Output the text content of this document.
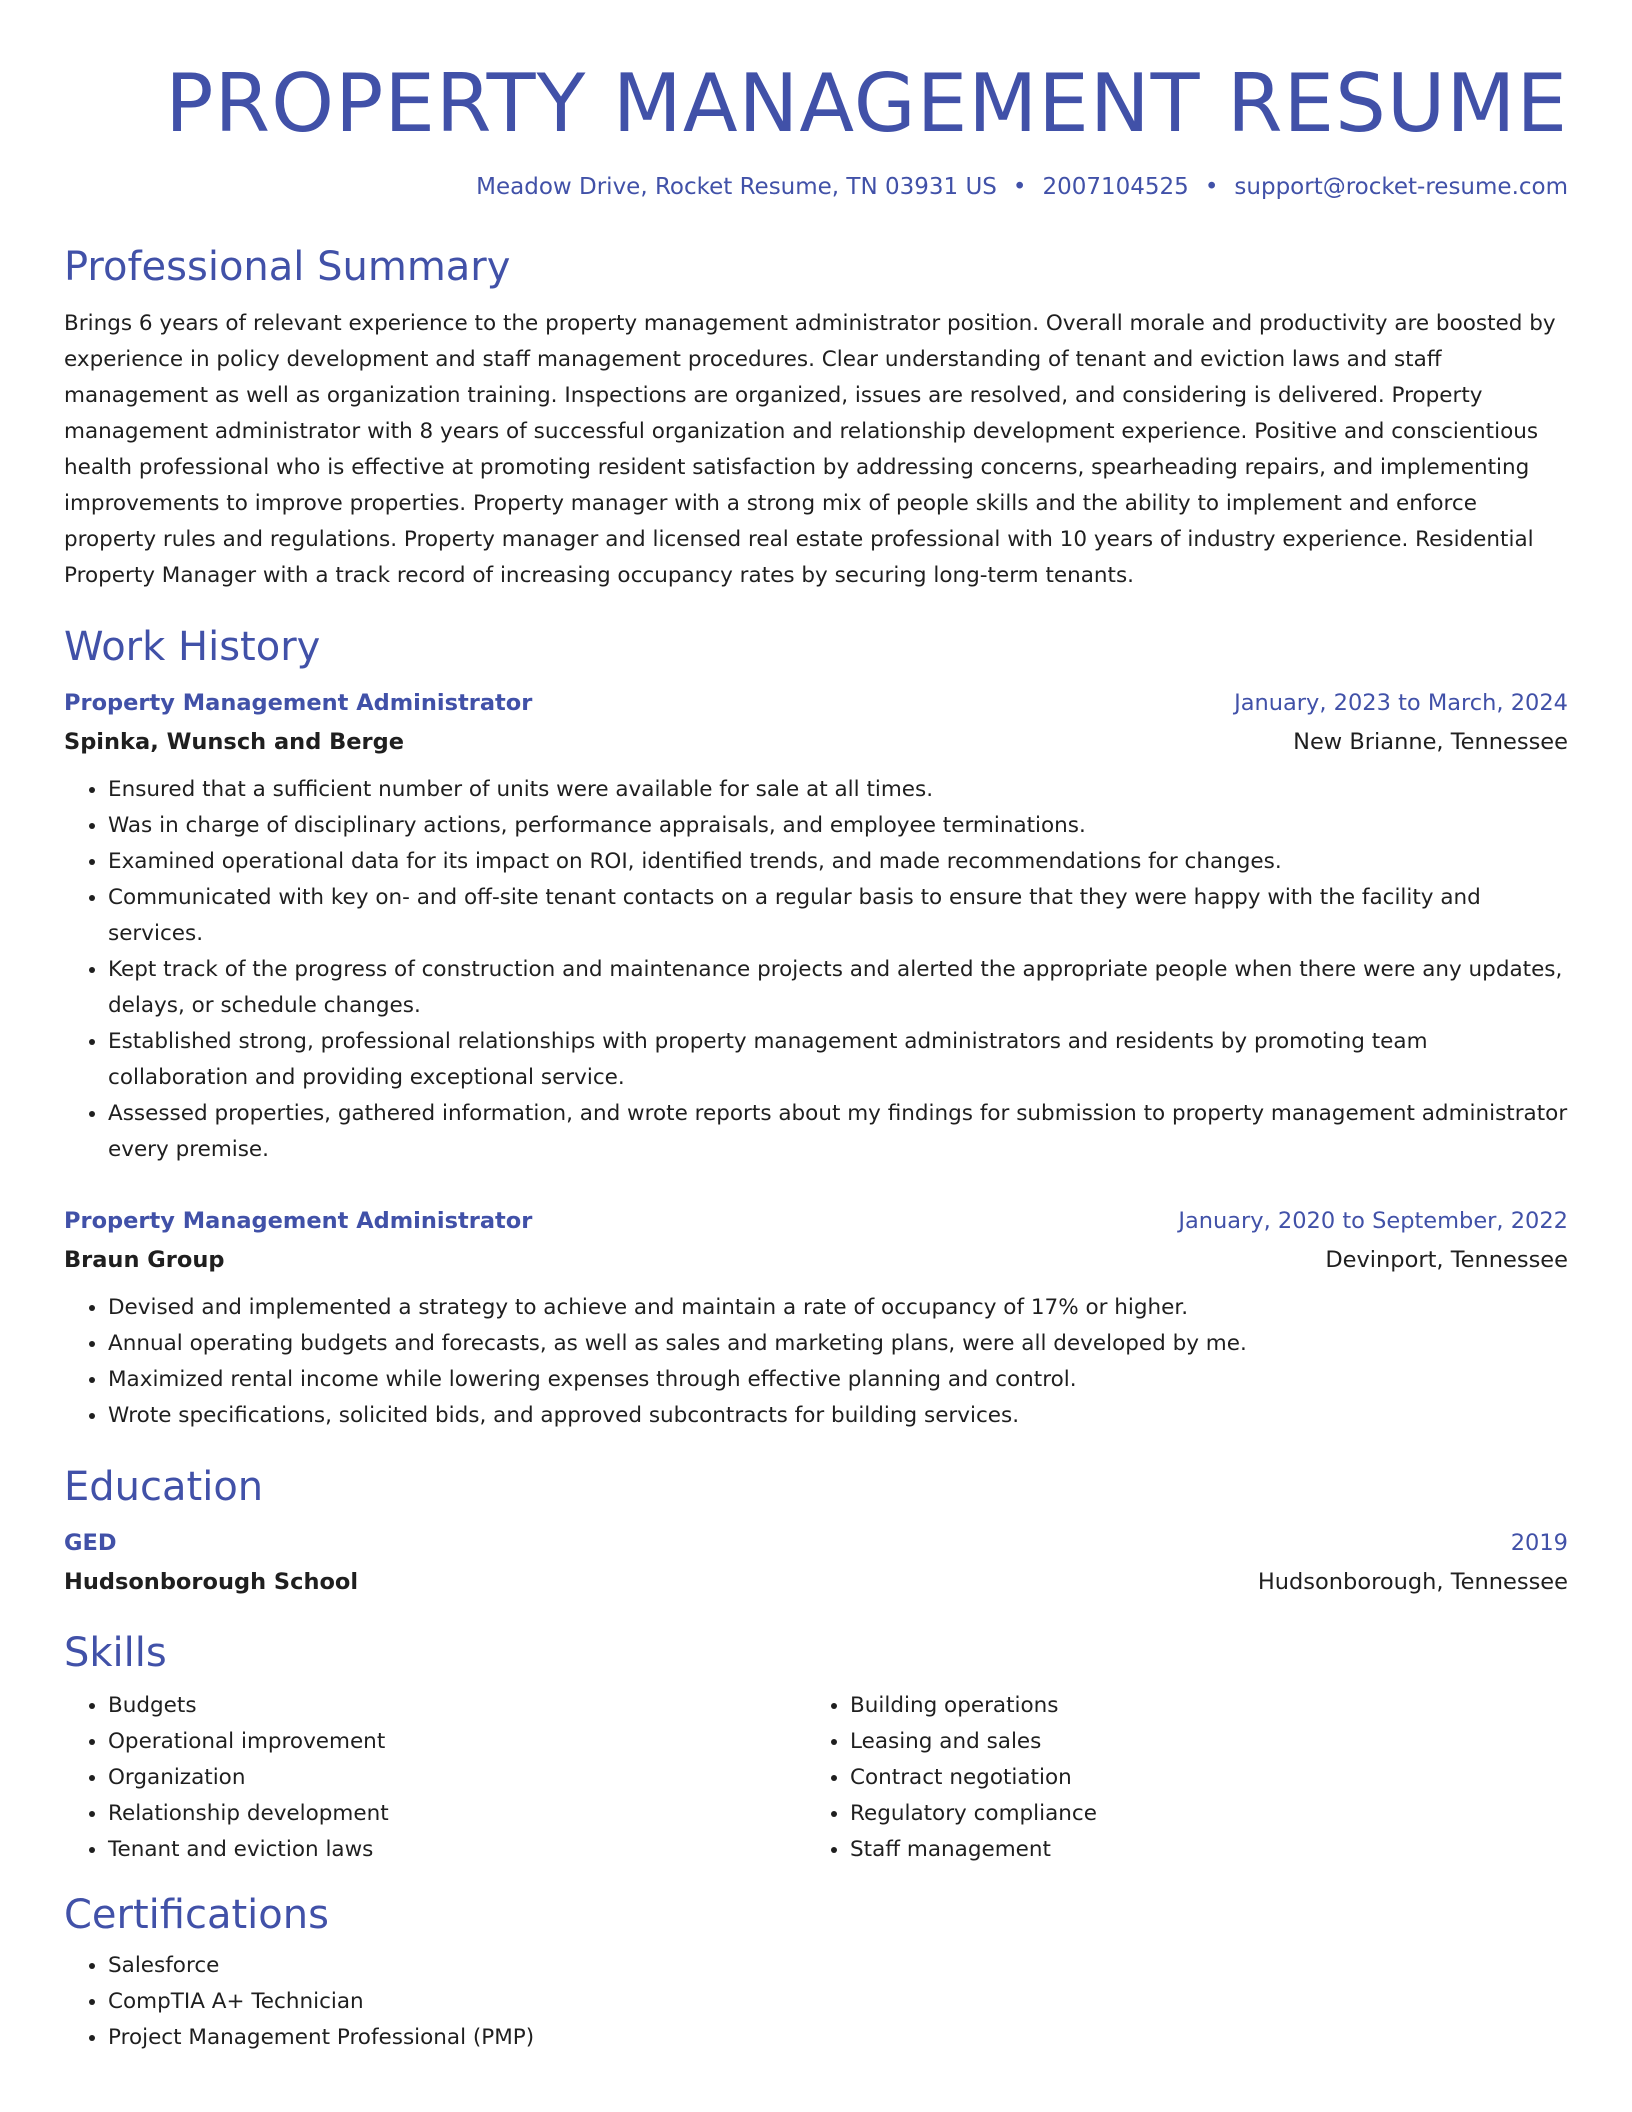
PROPERTY MANAGEMENT RESUME
Meadow Drive, Rocket Resume, TN 03931 US • 2007104525 • support@rocket-resume.com
Professional Summary

Brings 6 years of relevant experience to the property management administrator position. Overall morale and productivity are boosted by experience in policy development and staff management procedures. Clear understanding of tenant and eviction laws and staff management as well as organization training. Inspections are organized, issues are resolved, and considering is delivered. Property management administrator with 8 years of successful organization and relationship development experience. Positive and conscientious health professional who is effective at promoting resident satisfaction by addressing concerns, spearheading repairs, and implementing improvements to improve properties. Property manager with a strong mix of people skills and the ability to implement and enforce property rules and regulations. Property manager and licensed real estate professional with 10 years of industry experience. Residential Property Manager with a track record of increasing occupancy rates by securing long-term tenants.

Work History
Property Management Administrator	January, 2023 to March, 2024
Spinka, Wunsch and Berge	New Brianne, Tennessee
• Ensured that a sufficient number of units were available for sale at all times.
• Was in charge of disciplinary actions, performance appraisals, and employee terminations.
• Examined operational data for its impact on ROI, identified trends, and made recommendations for changes.
• Communicated with key on- and off-site tenant contacts on a regular basis to ensure that they were happy with the facility and services.
• Kept track of the progress of construction and maintenance projects and alerted the appropriate people when there were any updates, delays, or schedule changes.
• Established strong, professional relationships with property management administrators and residents by promoting team collaboration and providing exceptional service.
• Assessed properties, gathered information, and wrote reports about my findings for submission to property management administrator every premise.
Property Management Administrator	January, 2020 to September, 2022
Braun Group	Devinport, Tennessee
• Devised and implemented a strategy to achieve and maintain a rate of occupancy of 17% or higher.
• Annual operating budgets and forecasts, as well as sales and marketing plans, were all developed by me.
• Maximized rental income while lowering expenses through effective planning and control.
• Wrote specifications, solicited bids, and approved subcontracts for building services.
Education
GED	2019
Hudsonborough School	Hudsonborough, Tennessee
Skills
• Budgets
• Operational improvement
• Organization
• Relationship development
• Tenant and eviction laws
• Building operations
• Leasing and sales
• Contract negotiation
• Regulatory compliance
• Staff management
Certifications
• Salesforce
• CompTIA A+ Technician
• Project Management Professional (PMP)
